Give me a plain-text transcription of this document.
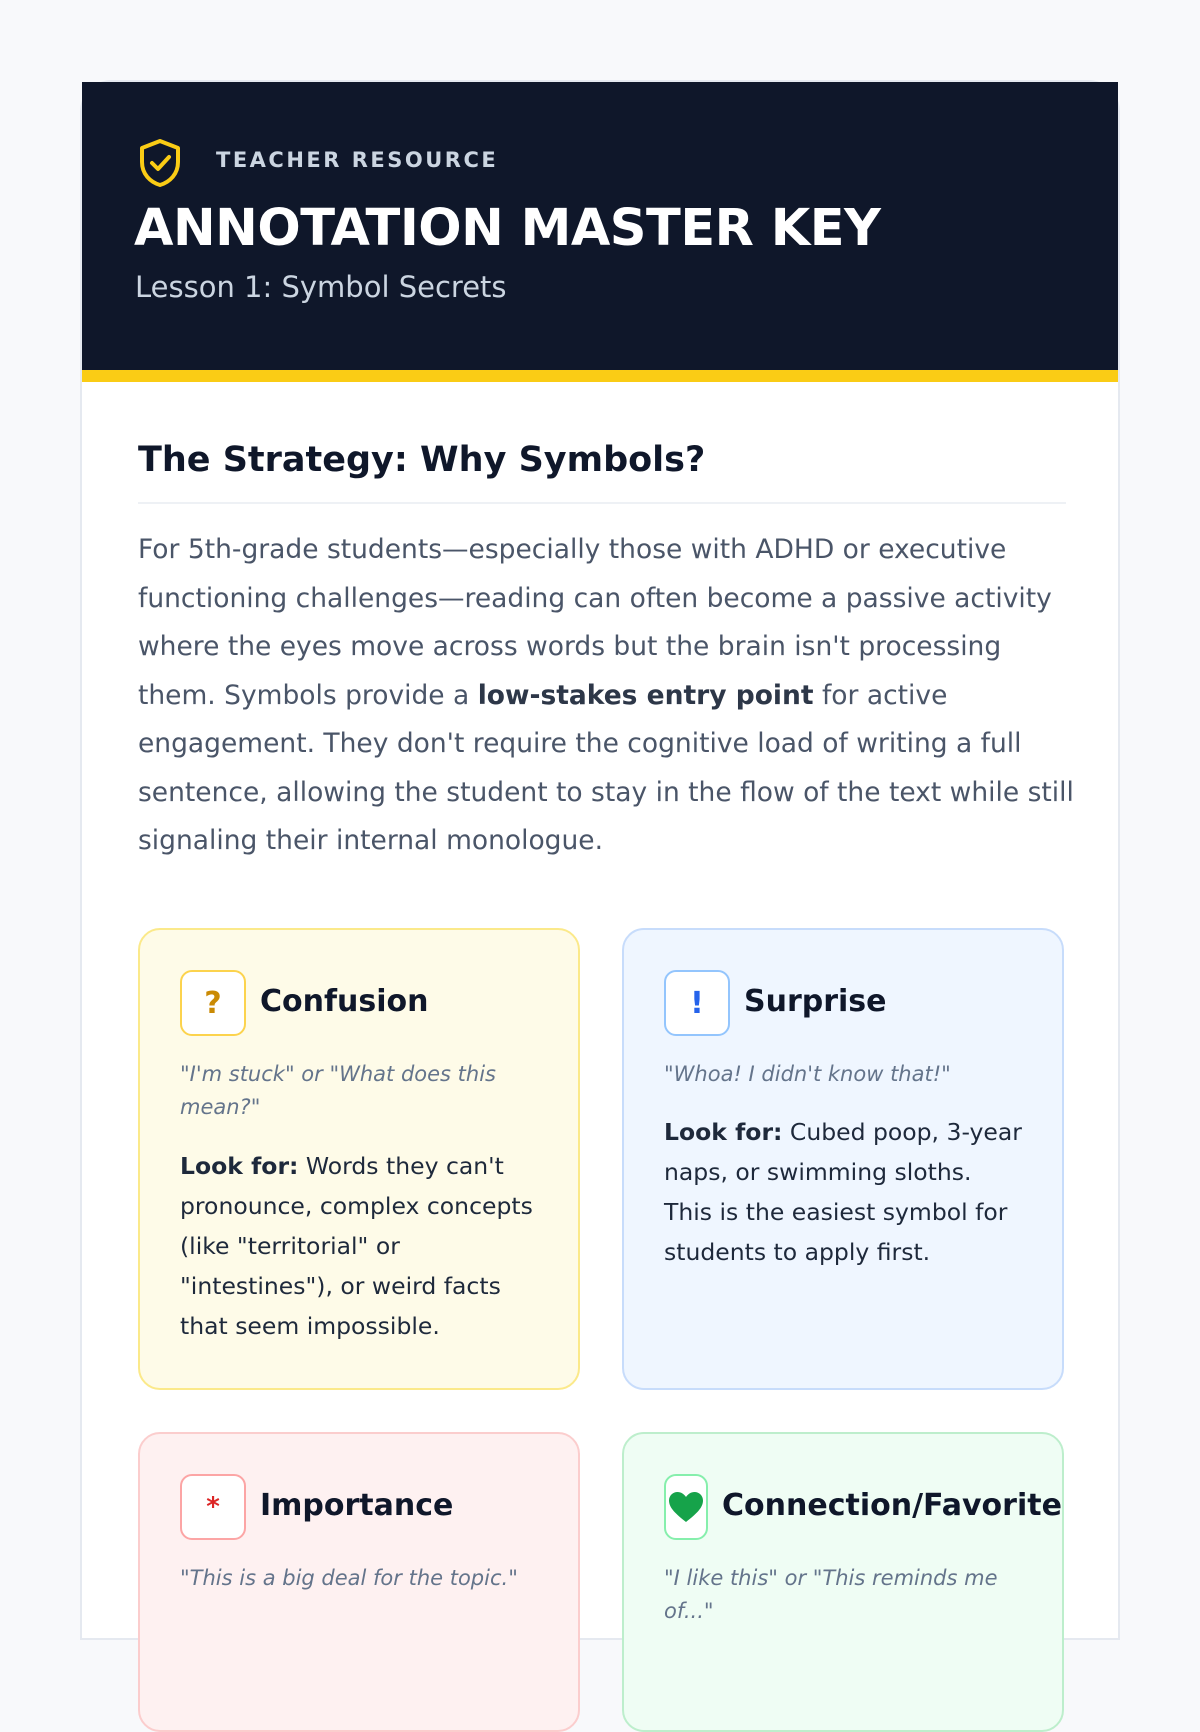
TEACHER RESOURCE
ANNOTATION MASTER KEY
Lesson 1: Symbol Secrets
The Strategy: Why Symbols?

For 5th-grade students—especially those with ADHD or executive functioning challenges—reading can often become a passive activity where the eyes move across words but the brain isn't processing them. Symbols provide a low-stakes entry point for active engagement. They don't require the cognitive load of writing a full sentence, allowing the student to stay in the flow of the text while still signaling their internal monologue.

?	Confusion
"I'm stuck" or "What does this mean?"
Look for: Words they can't pronounce, complex concepts (like "territorial" or "intestines"), or weird facts that seem impossible.
!	Surprise
"Whoa! I didn't know that!"
Look for: Cubed poop, 3-year naps, or swimming sloths. This is the easiest symbol for students to apply first.
*	Importance
"This is a big deal for the topic."
Connection/Favorite
"I like this" or "This reminds me of..."
